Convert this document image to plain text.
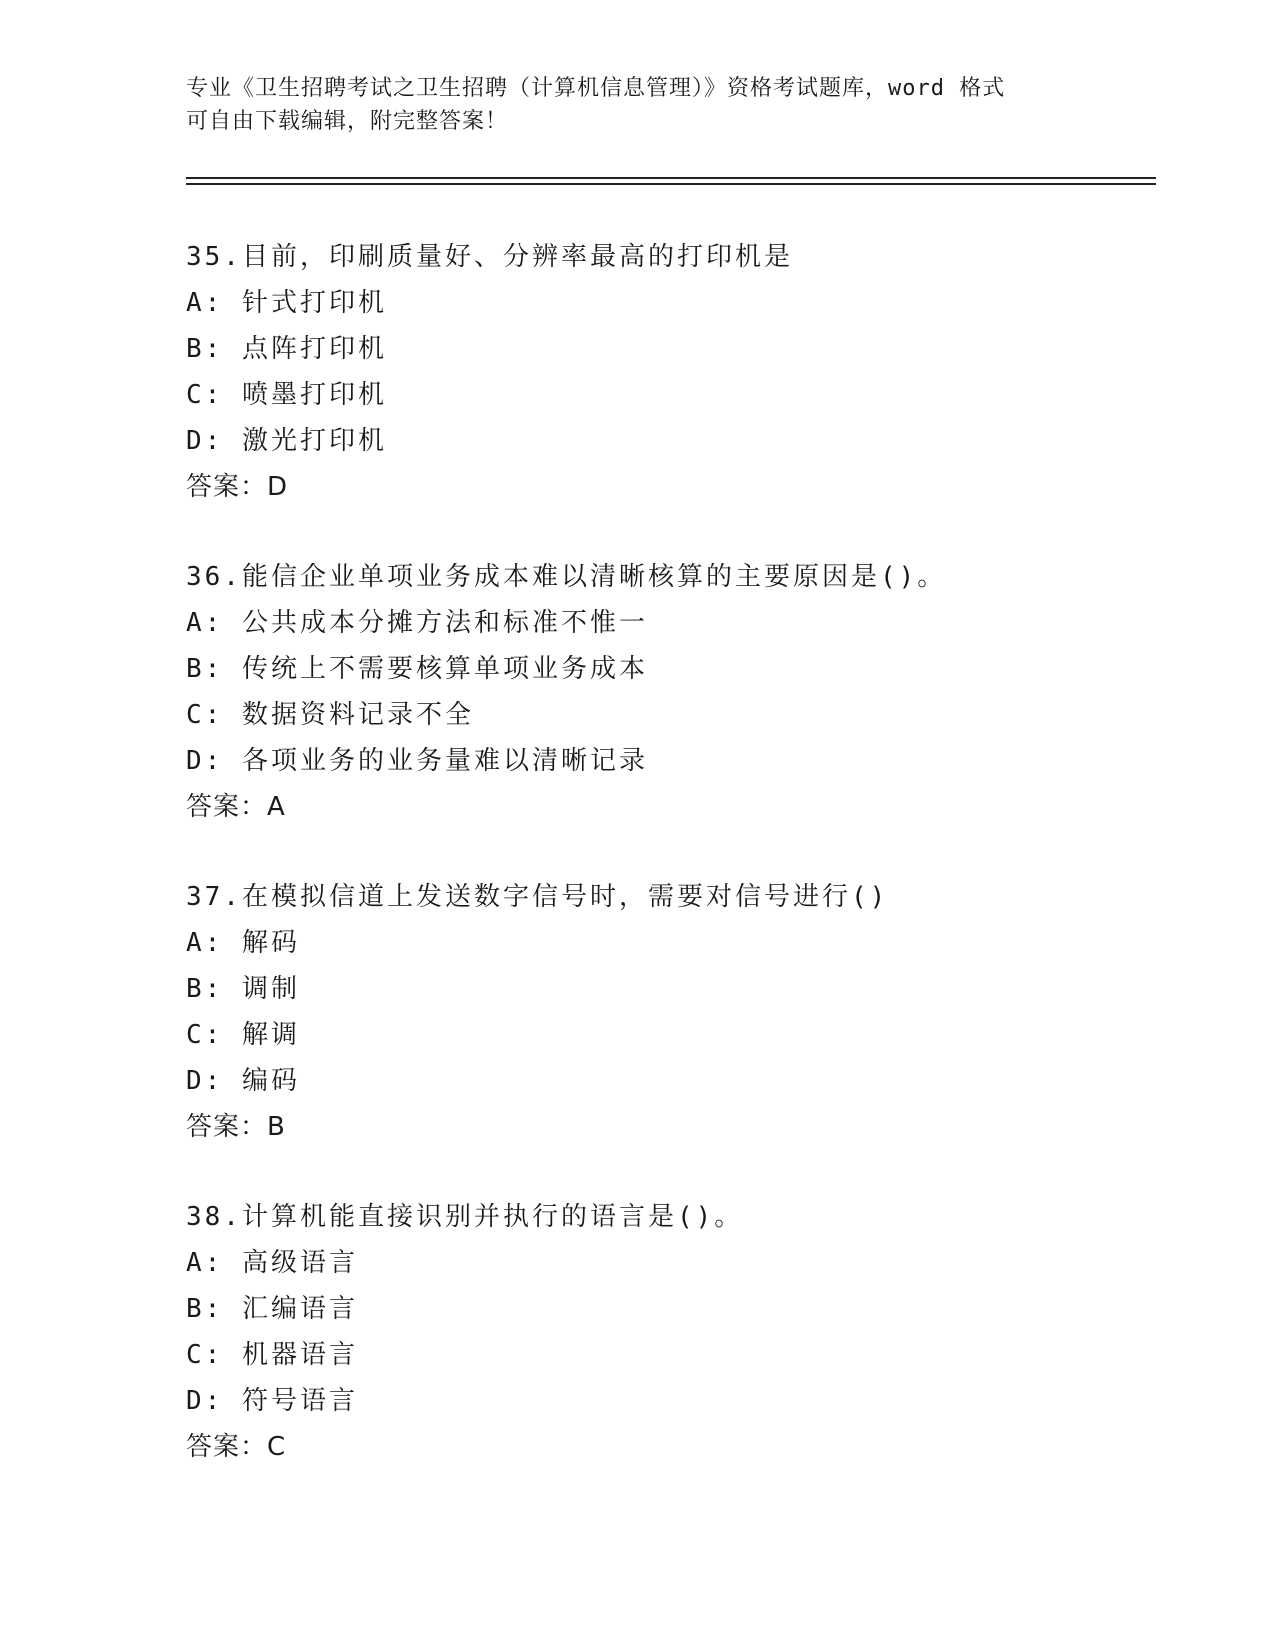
专业《卫生招聘考试之卫生招聘（计算机信息管理）》资格考试题库，word 格式
可自由下载编辑，附完整答案！
35.目前，印刷质量好、分辨率最高的打印机是
A: 针式打印机
B: 点阵打印机
C: 喷墨打印机
D: 激光打印机
答案：D
36.能信企业单项业务成本难以清晰核算的主要原因是()。
A: 公共成本分摊方法和标准不惟一
B: 传统上不需要核算单项业务成本
C: 数据资料记录不全
D: 各项业务的业务量难以清晰记录
答案：A
37.在模拟信道上发送数字信号时，需要对信号进行()
A: 解码
B: 调制
C: 解调
D: 编码
答案：B
38.计算机能直接识别并执行的语言是()。
A: 高级语言
B: 汇编语言
C: 机器语言
D: 符号语言
答案：C
